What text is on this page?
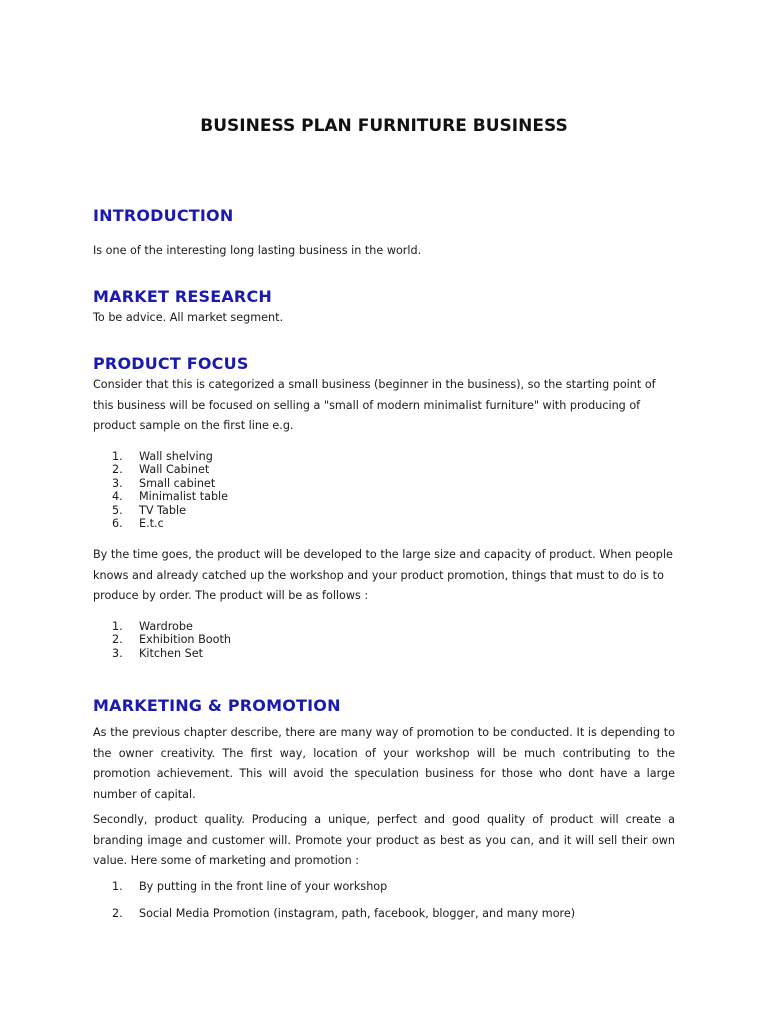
BUSINESS PLAN FURNITURE BUSINESS
INTRODUCTION

Is one of the interesting long lasting business in the world.

MARKET RESEARCH

To be advice. All market segment.

PRODUCT FOCUS

Consider that this is categorized a small business (beginner in the business), so the starting point of this business will be focused on selling a "small of modern minimalist furniture" with producing of product sample on the first line e.g.

1.	Wall shelving
2.	Wall Cabinet
3.	Small cabinet
4.	Minimalist table
5.	TV Table
6.	E.t.c

By the time goes, the product will be developed to the large size and capacity of product. When people knows and already catched up the workshop and your product promotion, things that must to do is to produce by order. The product will be as follows :

1.	Wardrobe
2.	Exhibition Booth
3.	Kitchen Set
MARKETING & PROMOTION

As the previous chapter describe, there are many way of promotion to be conducted. It is depending to the owner creativity. The first way, location of your workshop will be much contributing to the promotion achievement. This will avoid the speculation business for those who dont have a large number of capital.

Secondly, product quality. Producing a unique, perfect and good quality of product will create a branding image and customer will. Promote your product as best as you can, and it will sell their own value. Here some of marketing and promotion :

1.	By putting in the front line of your workshop
2.	Social Media Promotion (instagram, path, facebook, blogger, and many more)
